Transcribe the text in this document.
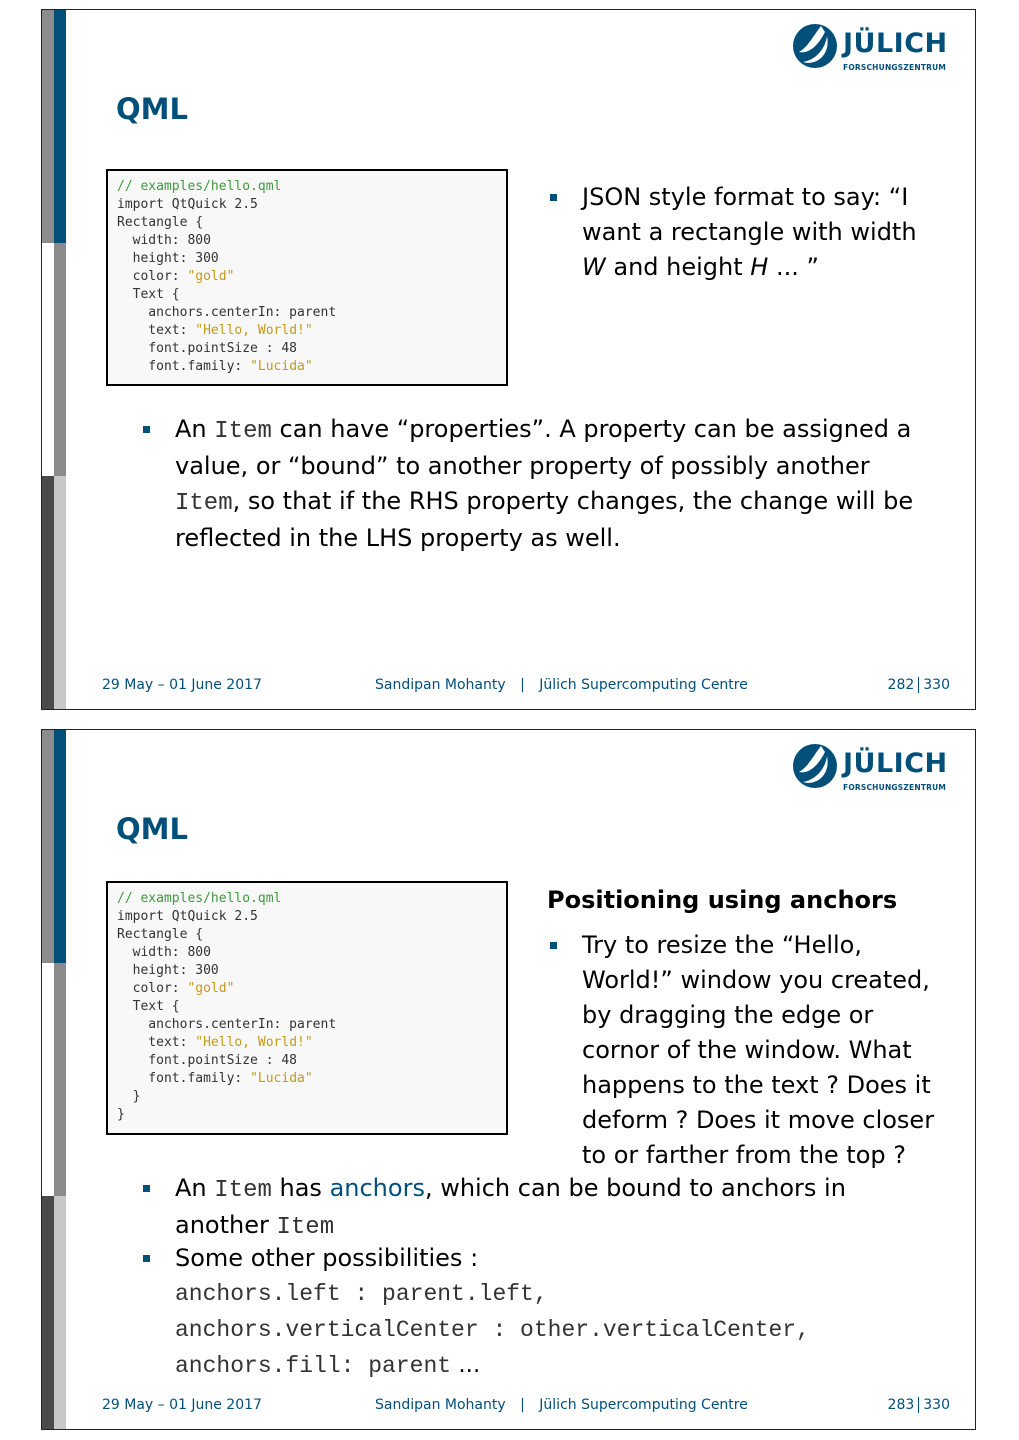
JÜLICH
FORSCHUNGSZENTRUM
QML
// examples/hello.qml
import QtQuick 2.5
Rectangle {
width: 800
height: 300
color: "gold"
Text {
anchors.centerIn: parent
text: "Hello, World!"
font.pointSize : 48
font.family: "Lucida"
JSON style format to say: “I want a rectangle with width W and height H ... ”
An Item can have “properties”. A property can be assigned a value, or “bound” to another property of possibly another Item, so that if the RHS property changes, the change will be reflected in the LHS property as well.
29 May – 01 June 2017	Sandipan Mohanty | Jülich Supercomputing Centre	282 330
JÜLICH
FORSCHUNGSZENTRUM
QML
// examples/hello.qml
import QtQuick 2.5
Rectangle {
width: 800
height: 300
color: "gold"
Text {
anchors.centerIn: parent
text: "Hello, World!"
font.pointSize : 48
font.family: "Lucida"
}
}
Positioning using anchors
Try to resize the “Hello, World!” window you created, by dragging the edge or cornor of the window. What happens to the text ? Does it deform ? Does it move closer to or farther from the top ?
An Item has anchors, which can be bound to anchors in another Item
Some other possibilities :
anchors.left : parent.left,
anchors.verticalCenter : other.verticalCenter,
anchors.fill: parent ...
29 May – 01 June 2017	Sandipan Mohanty | Jülich Supercomputing Centre	283 330
